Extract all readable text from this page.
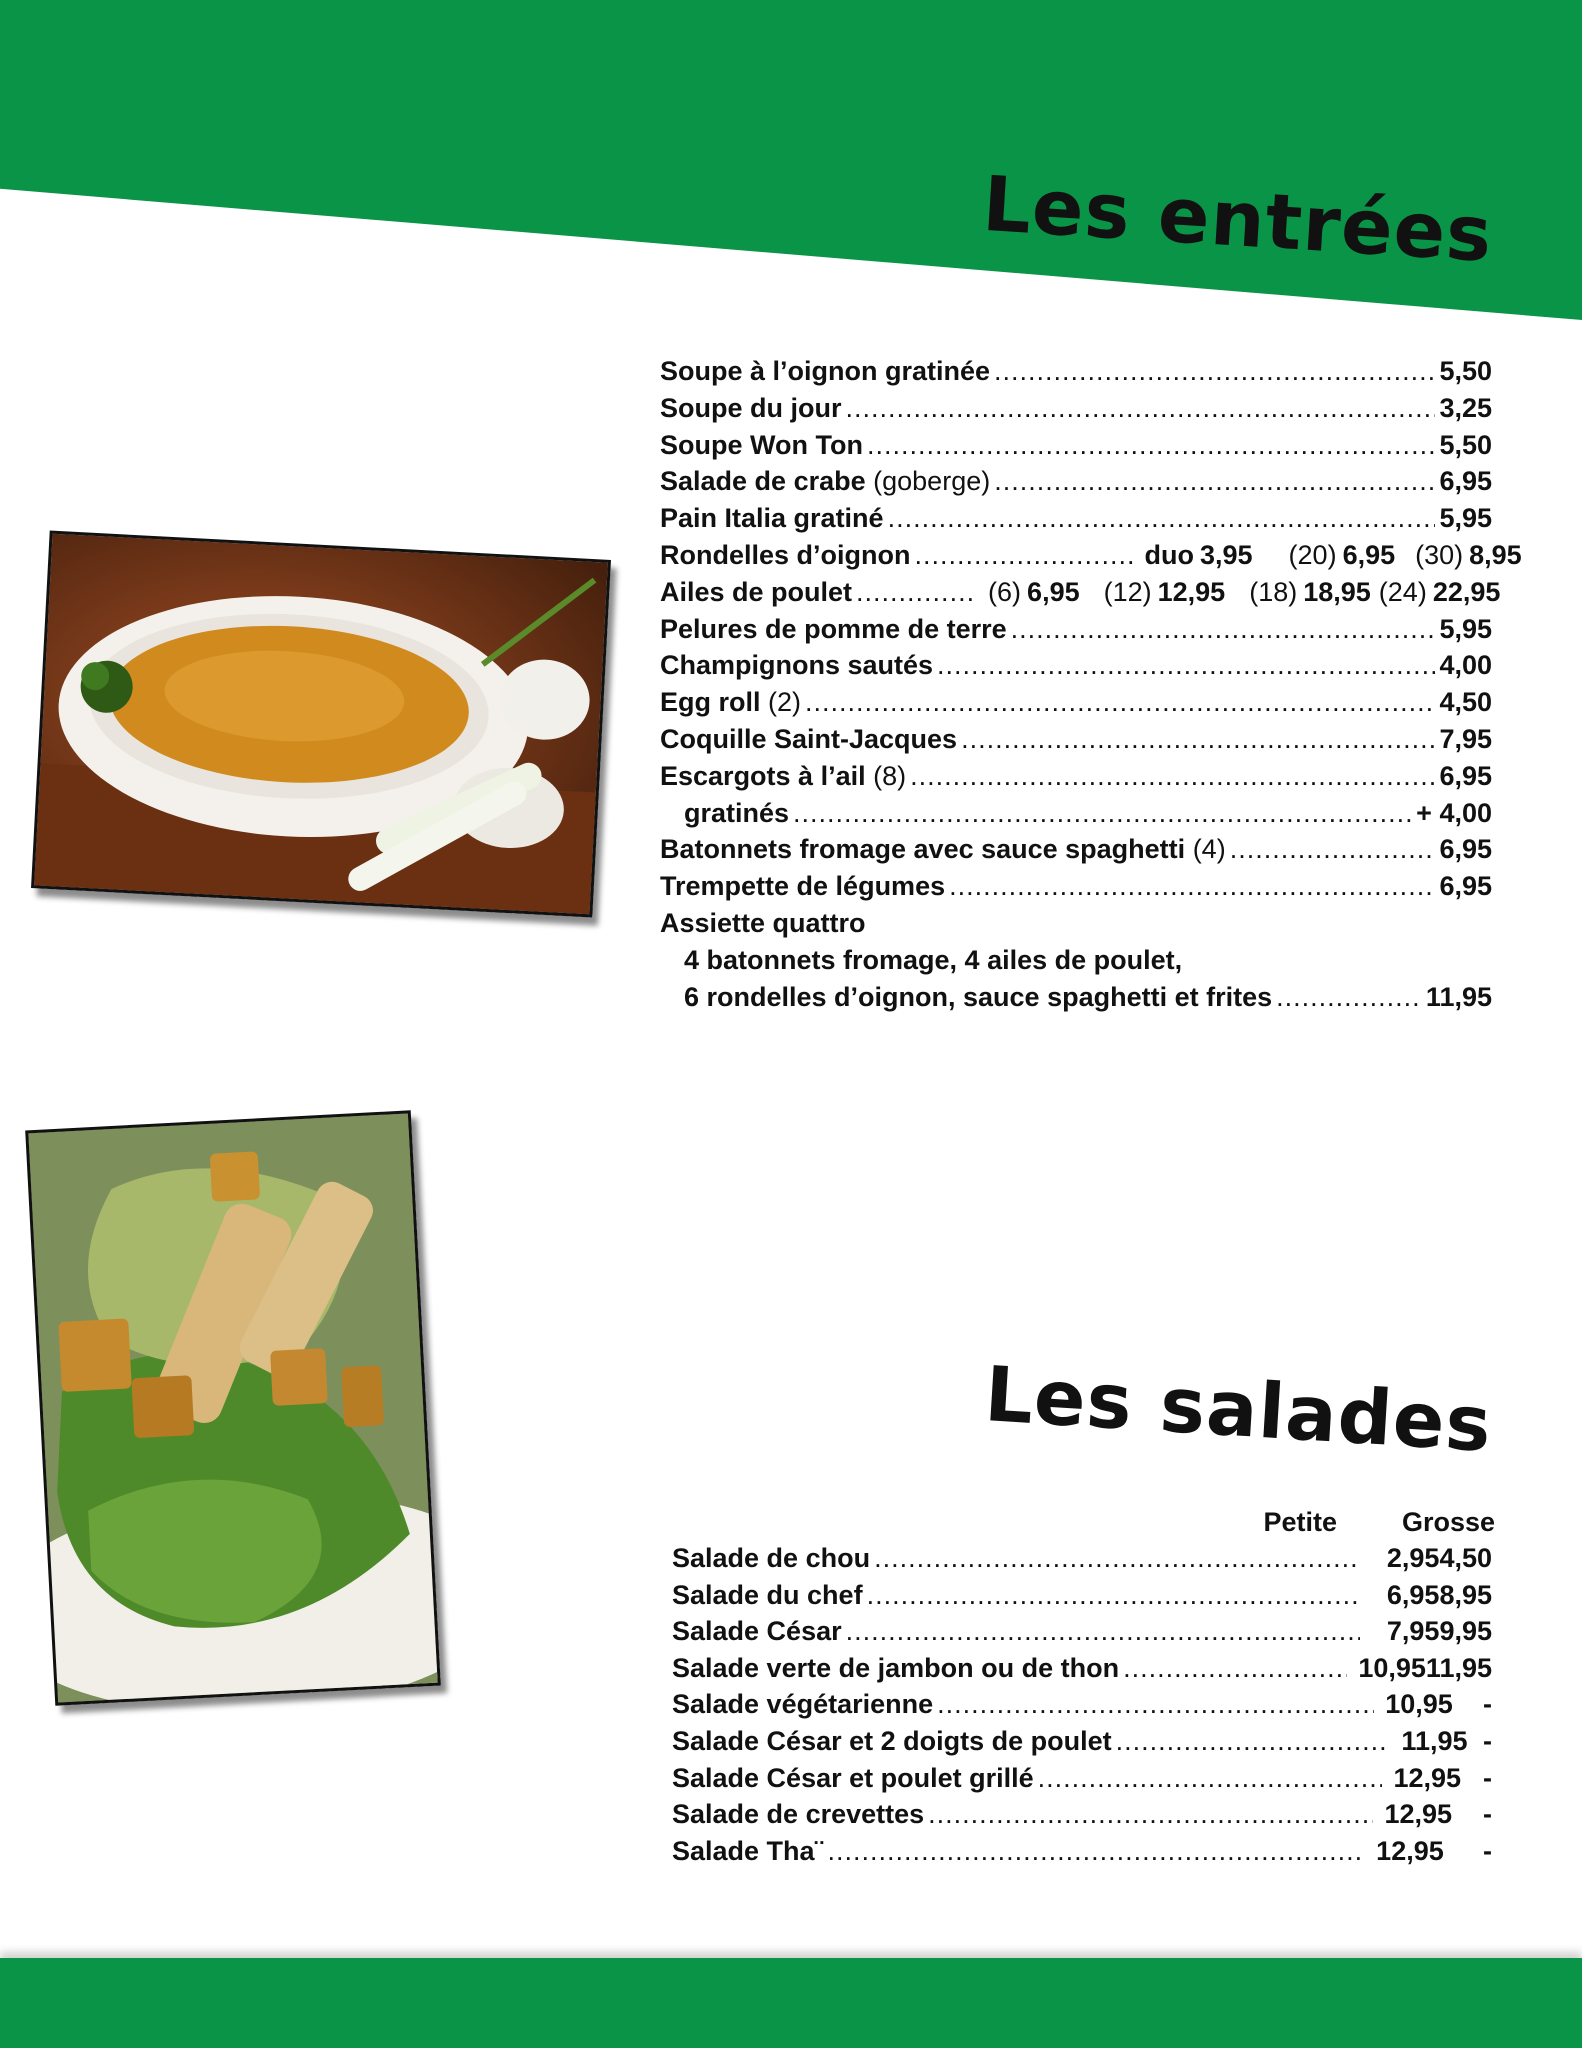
Les entrées
Soupe à l’oignon gratinée .....	5,50
Soupe du jour .....	3,25
Soupe Won Ton .....	5,50
Salade de crabe (goberge) .....	6,95
Pain Italia gratiné .....	5,95
Rondelles d’oignon .....	duo 3,95 (20) 6,95 (30) 8,95
Ailes de poulet .....	(6) 6,95 (12) 12,95 (18) 18,95 (24) 22,95
Pelures de pomme de terre .....	5,95
Champignons sautés .....	4,00
Egg roll (2) .....	4,50
Coquille Saint-Jacques .....	7,95
Escargots à l’ail (8) .....	6,95
gratinés .....	+ 4,00
Batonnets fromage avec sauce spaghetti (4) .....	6,95
Trempette de légumes .....	6,95
Assiette quattro
4 batonnets fromage, 4 ailes de poulet,
6 rondelles d’oignon, sauce spaghetti et frites .....	11,95
Les salades
Petite Grosse
Salade de chou .....	2,95 4,50
Salade du chef .....	6,95 8,95
Salade César .....	7,95 9,95
Salade verte de jambon ou de thon .....	10,95 11,95
Salade végétarienne .....	10,95	-
Salade César et 2 doigts de poulet .....	11,95 -
Salade César et poulet grillé .....	12,95 -
Salade de crevettes .....	12,95	-
Salade Tha¨ .....	12,95	-
